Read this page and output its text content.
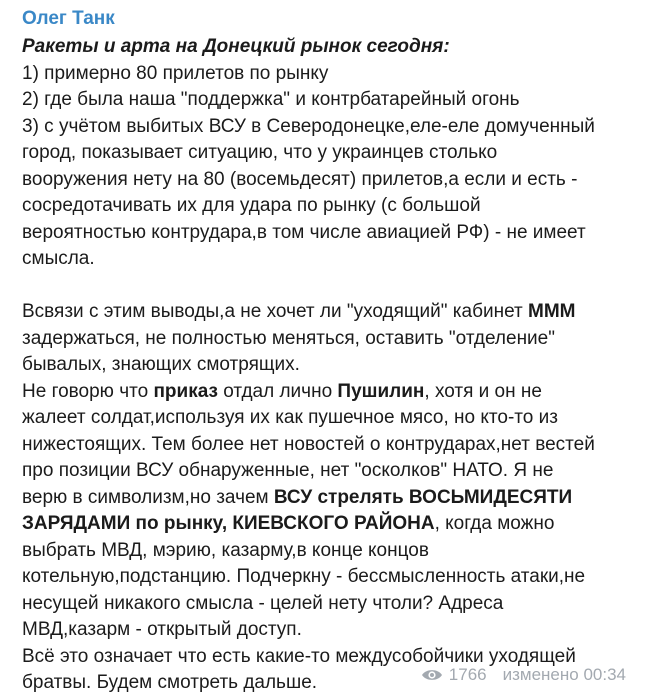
Олег Танк
Ракеты и арта на Донецкий рынок сегодня:
1) примерно 80 прилетов по рынку
2) где была наша "поддержка" и контрбатарейный огонь
3) с учётом выбитых ВСУ в Северодонецке,еле-еле домученный
город, показывает ситуацию, что у украинцев столько
вооружения нету на 80 (восемьдесят) прилетов,а если и есть -
сосредотачивать их для удара по рынку (с большой
вероятностью контрудара,в том числе авиацией РФ) - не имеет
смысла.
Всвязи с этим выводы,а не хочет ли "уходящий" кабинет МММ
задержаться, не полностью меняться, оставить "отделение"
бывалых, знающих смотрящих.
Не говорю что приказ отдал лично Пушилин, хотя и он не
жалеет солдат,используя их как пушечное мясо, но кто-то из
нижестоящих. Тем более нет новостей о контрударах,нет вестей
про позиции ВСУ обнаруженные, нет "осколков" НАТО. Я не
верю в символизм,но зачем ВСУ стрелять ВОСЬМИДЕСЯТИ
ЗАРЯДАМИ по рынку, КИЕВСКОГО РАЙОНА, когда можно
выбрать МВД, мэрию, казарму,в конце концов
котельную,подстанцию. Подчеркну - бессмысленность атаки,не
несущей никакого смысла - целей нету чтоли? Адреса
МВД,казарм - открытый доступ.
Всё это означает что есть какие-то междусобойчики уходящей
братвы. Будем смотреть дальше.	1766 изменено 00:34
